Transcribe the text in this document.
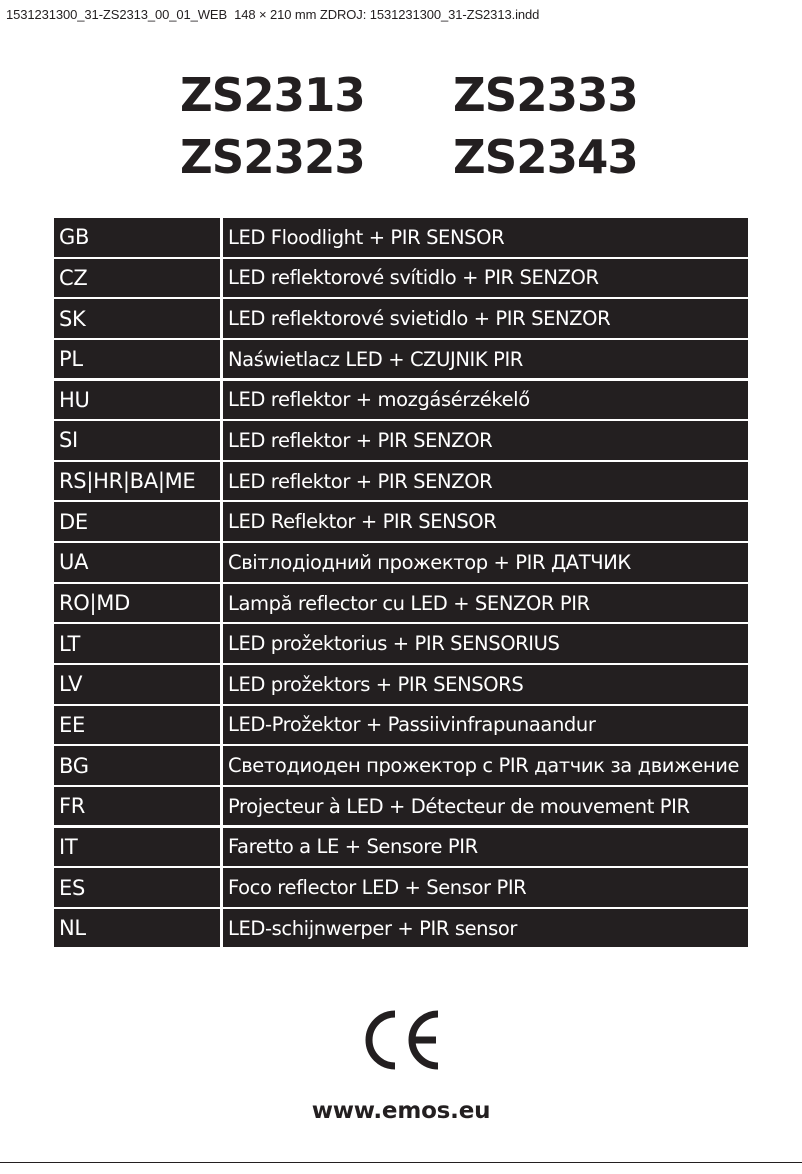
1531231300_31-ZS2313_00_01_WEB  148 × 210 mm ZDROJ: 1531231300_31-ZS2313.indd
ZS2313 ZS2333
ZS2323 ZS2343
GB	LED Floodlight + PIR SENSOR
CZ	LED reflektorové svítidlo + PIR SENZOR
SK	LED reflektorové svietidlo + PIR SENZOR
PL	Naświetlacz LED + CZUJNIK PIR
HU	LED reflektor + mozgásérzékelő
SI	LED reflektor + PIR SENZOR
RS|HR|BA|ME	LED reflektor + PIR SENZOR
DE	LED Reflektor + PIR SENSOR
UA	Світлодіодний прожектор + PIR ДАТЧИК
RO|MD	Lampă reflector cu LED + SENZOR PIR
LT	LED prožektorius + PIR SENSORIUS
LV	LED prožektors + PIR SENSORS
EE	LED-Prožektor + Passiivinfrapunaandur
BG	Светодиоден прожектор с PIR датчик за движение
FR	Projecteur à LED + Détecteur de mouvement PIR
IT	Faretto a LE + Sensore PIR
ES	Foco reflector LED + Sensor PIR
NL	LED-schijnwerper + PIR sensor
www.emos.eu
